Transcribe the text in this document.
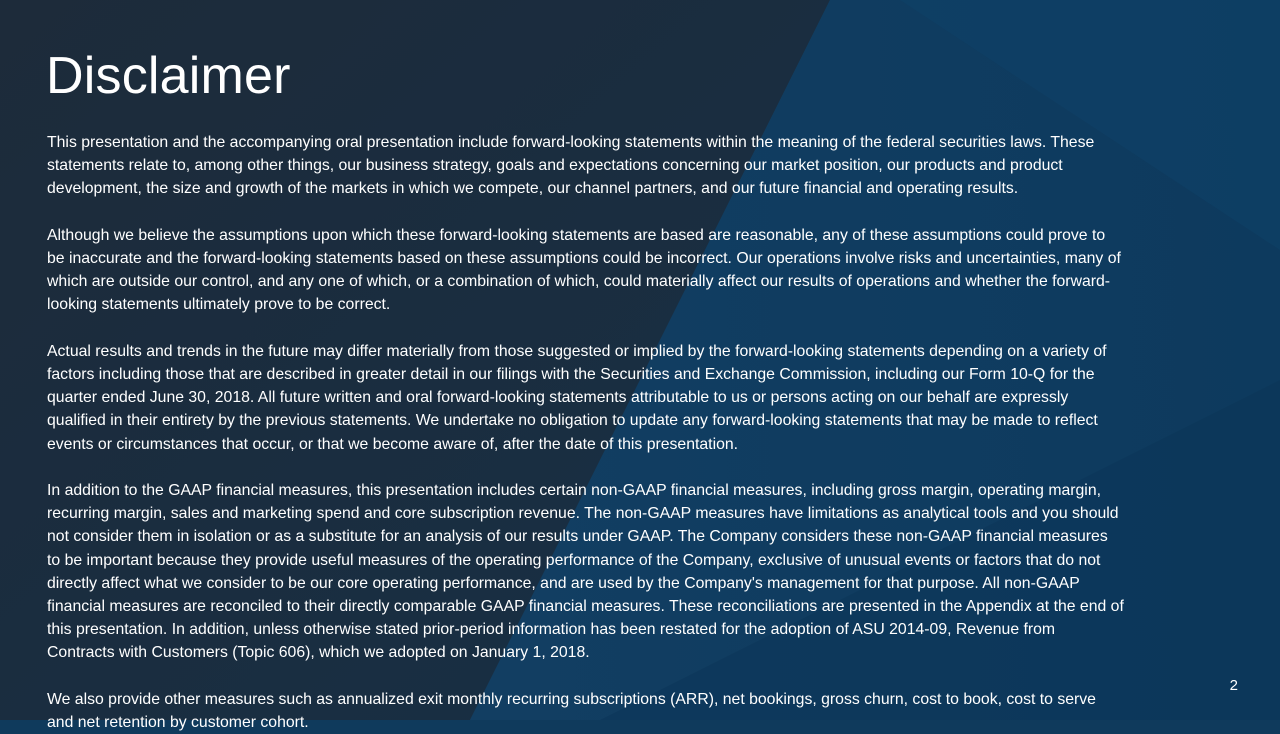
Disclaimer

This presentation and the accompanying oral presentation include forward-looking statements within the meaning of the federal securities laws. These
statements relate to, among other things, our business strategy, goals and expectations concerning our market position, our products and product
development, the size and growth of the markets in which we compete, our channel partners, and our future financial and operating results.

Although we believe the assumptions upon which these forward-looking statements are based are reasonable, any of these assumptions could prove to
be inaccurate and the forward-looking statements based on these assumptions could be incorrect. Our operations involve risks and uncertainties, many of
which are outside our control, and any one of which, or a combination of which, could materially affect our results of operations and whether the forward-
looking statements ultimately prove to be correct.

Actual results and trends in the future may differ materially from those suggested or implied by the forward-looking statements depending on a variety of
factors including those that are described in greater detail in our filings with the Securities and Exchange Commission, including our Form 10-Q for the
quarter ended June 30, 2018. All future written and oral forward-looking statements attributable to us or persons acting on our behalf are expressly
qualified in their entirety by the previous statements. We undertake no obligation to update any forward-looking statements that may be made to reflect
events or circumstances that occur, or that we become aware of, after the date of this presentation.

In addition to the GAAP financial measures, this presentation includes certain non-GAAP financial measures, including gross margin, operating margin,
recurring margin, sales and marketing spend and core subscription revenue. The non-GAAP measures have limitations as analytical tools and you should
not consider them in isolation or as a substitute for an analysis of our results under GAAP. The Company considers these non-GAAP financial measures
to be important because they provide useful measures of the operating performance of the Company, exclusive of unusual events or factors that do not
directly affect what we consider to be our core operating performance, and are used by the Company's management for that purpose. All non-GAAP
financial measures are reconciled to their directly comparable GAAP financial measures. These reconciliations are presented in the Appendix at the end of
this presentation. In addition, unless otherwise stated prior-period information has been restated for the adoption of ASU 2014-09, Revenue from
Contracts with Customers (Topic 606), which we adopted on January 1, 2018.

We also provide other measures such as annualized exit monthly recurring subscriptions (ARR), net bookings, gross churn, cost to book, cost to serve
and net retention by customer cohort.

2
